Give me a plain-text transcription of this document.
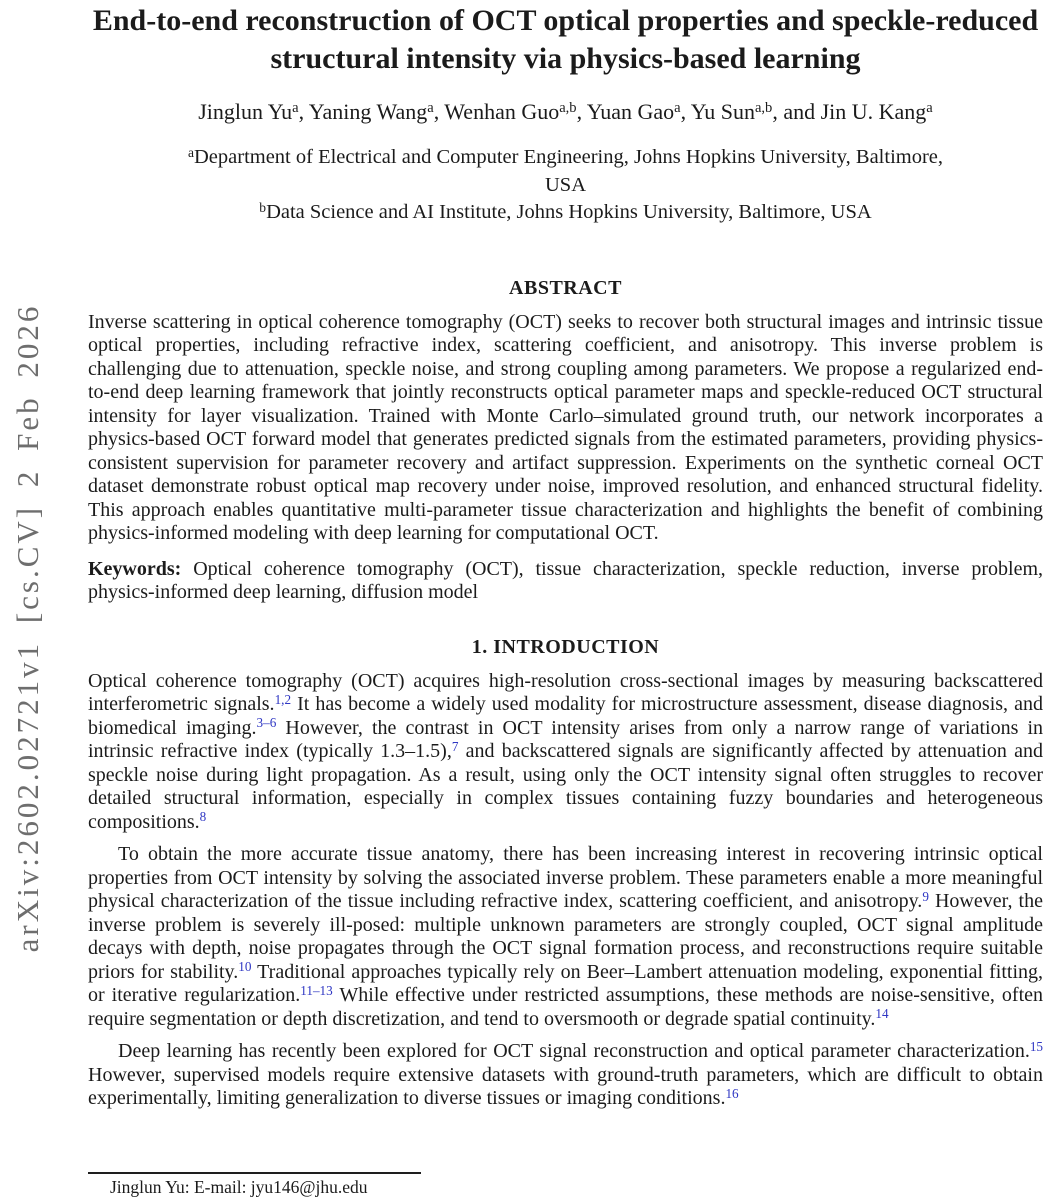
arXiv:2602.02721v1 [cs.CV] 2 Feb 2026
End-to-end reconstruction of OCT optical properties and speckle-reduced structural intensity via physics-based learning
Jinglun Yu$^a$, Yaning Wang$^a$, Wenhan Guo$^{a,b}$, Yuan Gao$^a$, Yu Sun$^{a,b}$, and Jin U. Kang$^a$
$^a$Department of Electrical and Computer Engineering, Johns Hopkins University, Baltimore,
USA
$^b$Data Science and AI Institute, Johns Hopkins University, Baltimore, USA
ABSTRACT
Inverse scattering in optical coherence tomography (OCT) seeks to recover both structural images and intrinsic tissue optical properties, including refractive index, scattering coefficient, and anisotropy. This inverse problem is challenging due to attenuation, speckle noise, and strong coupling among parameters. We propose a regularized end-to-end deep learning framework that jointly reconstructs optical parameter maps and speckle-reduced OCT structural intensity for layer visualization. Trained with Monte Carlo–simulated ground truth, our network incorporates a physics-based OCT forward model that generates predicted signals from the estimated parameters, providing physics-consistent supervision for parameter recovery and artifact suppression. Experiments on the synthetic corneal OCT dataset demonstrate robust optical map recovery under noise, improved resolution, and enhanced structural fidelity. This approach enables quantitative multi-parameter tissue characterization and highlights the benefit of combining physics-informed modeling with deep learning for computational OCT.
Keywords: Optical coherence tomography (OCT), tissue characterization, speckle reduction, inverse problem, physics-informed deep learning, diffusion model
1. INTRODUCTION
Optical coherence tomography (OCT) acquires high-resolution cross-sectional images by measuring backscattered interferometric signals.$^{1,2}$ It has become a widely used modality for microstructure assessment, disease diagnosis, and biomedical imaging.$^{3-6}$ However, the contrast in OCT intensity arises from only a narrow range of variations in intrinsic refractive index (typically 1.3–1.5),$^7$ and backscattered signals are significantly affected by attenuation and speckle noise during light propagation. As a result, using only the OCT intensity signal often struggles to recover detailed structural information, especially in complex tissues containing fuzzy boundaries and heterogeneous compositions.$^8$
To obtain the more accurate tissue anatomy, there has been increasing interest in recovering intrinsic optical properties from OCT intensity by solving the associated inverse problem. These parameters enable a more meaningful physical characterization of the tissue including refractive index, scattering coefficient, and anisotropy.$^9$ However, the inverse problem is severely ill-posed: multiple unknown parameters are strongly coupled, OCT signal amplitude decays with depth, noise propagates through the OCT signal formation process, and reconstructions require suitable priors for stability.$^{10}$ Traditional approaches typically rely on Beer–Lambert attenuation modeling, exponential fitting, or iterative regularization.$^{11-13}$ While effective under restricted assumptions, these methods are noise-sensitive, often require segmentation or depth discretization, and tend to oversmooth or degrade spatial continuity.$^{14}$
Deep learning has recently been explored for OCT signal reconstruction and optical parameter characterization.$^{15}$ However, supervised models require extensive datasets with ground-truth parameters, which are difficult to obtain experimentally, limiting generalization to diverse tissues or imaging conditions.$^{16}$
Jinglun Yu: E-mail: jyu146@jhu.edu
